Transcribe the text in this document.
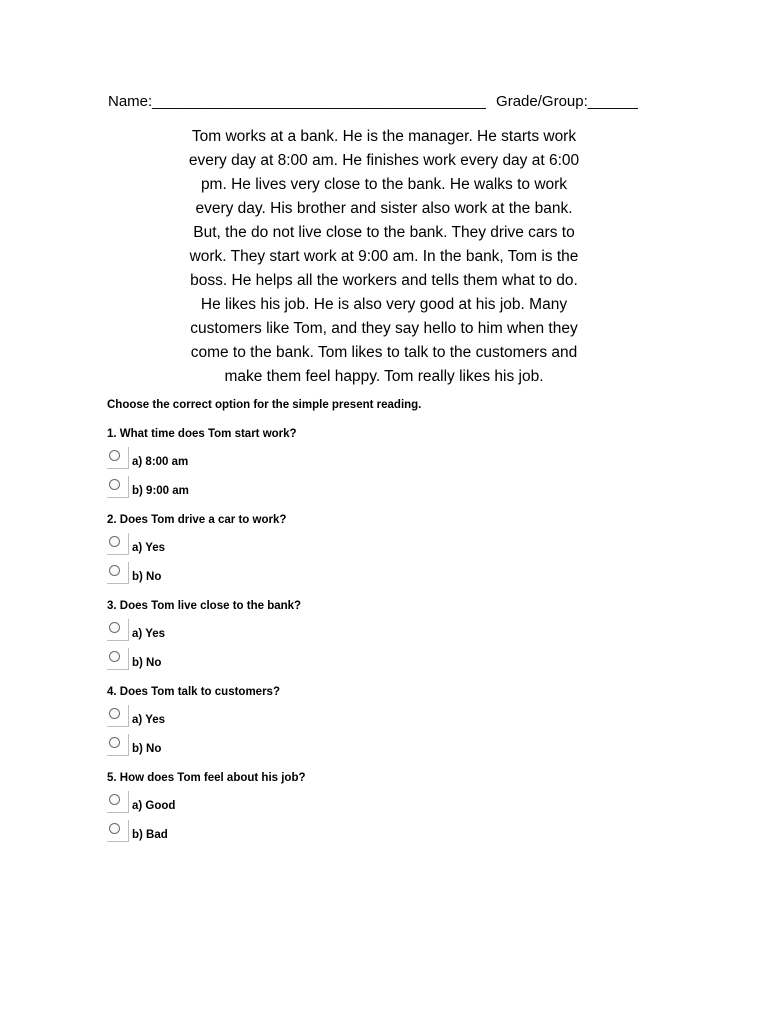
Name:________________________________________ Grade/Group:______
Tom works at a bank. He is the manager. He starts work
every day at 8:00 am. He finishes work every day at 6:00
pm. He lives very close to the bank. He walks to work
every day. His brother and sister also work at the bank.
But, the do not live close to the bank. They drive cars to
work. They start work at 9:00 am. In the bank, Tom is the
boss. He helps all the workers and tells them what to do.
He likes his job. He is also very good at his job. Many
customers like Tom, and they say hello to him when they
come to the bank. Tom likes to talk to the customers and
make them feel happy. Tom really likes his job.
Choose the correct option for the simple present reading.
1. What time does Tom start work?
a) 8:00 am
b) 9:00 am
2. Does Tom drive a car to work?
a) Yes
b) No
3. Does Tom live close to the bank?
a) Yes
b) No
4. Does Tom talk to customers?
a) Yes
b) No
5. How does Tom feel about his job?
a) Good
b) Bad
